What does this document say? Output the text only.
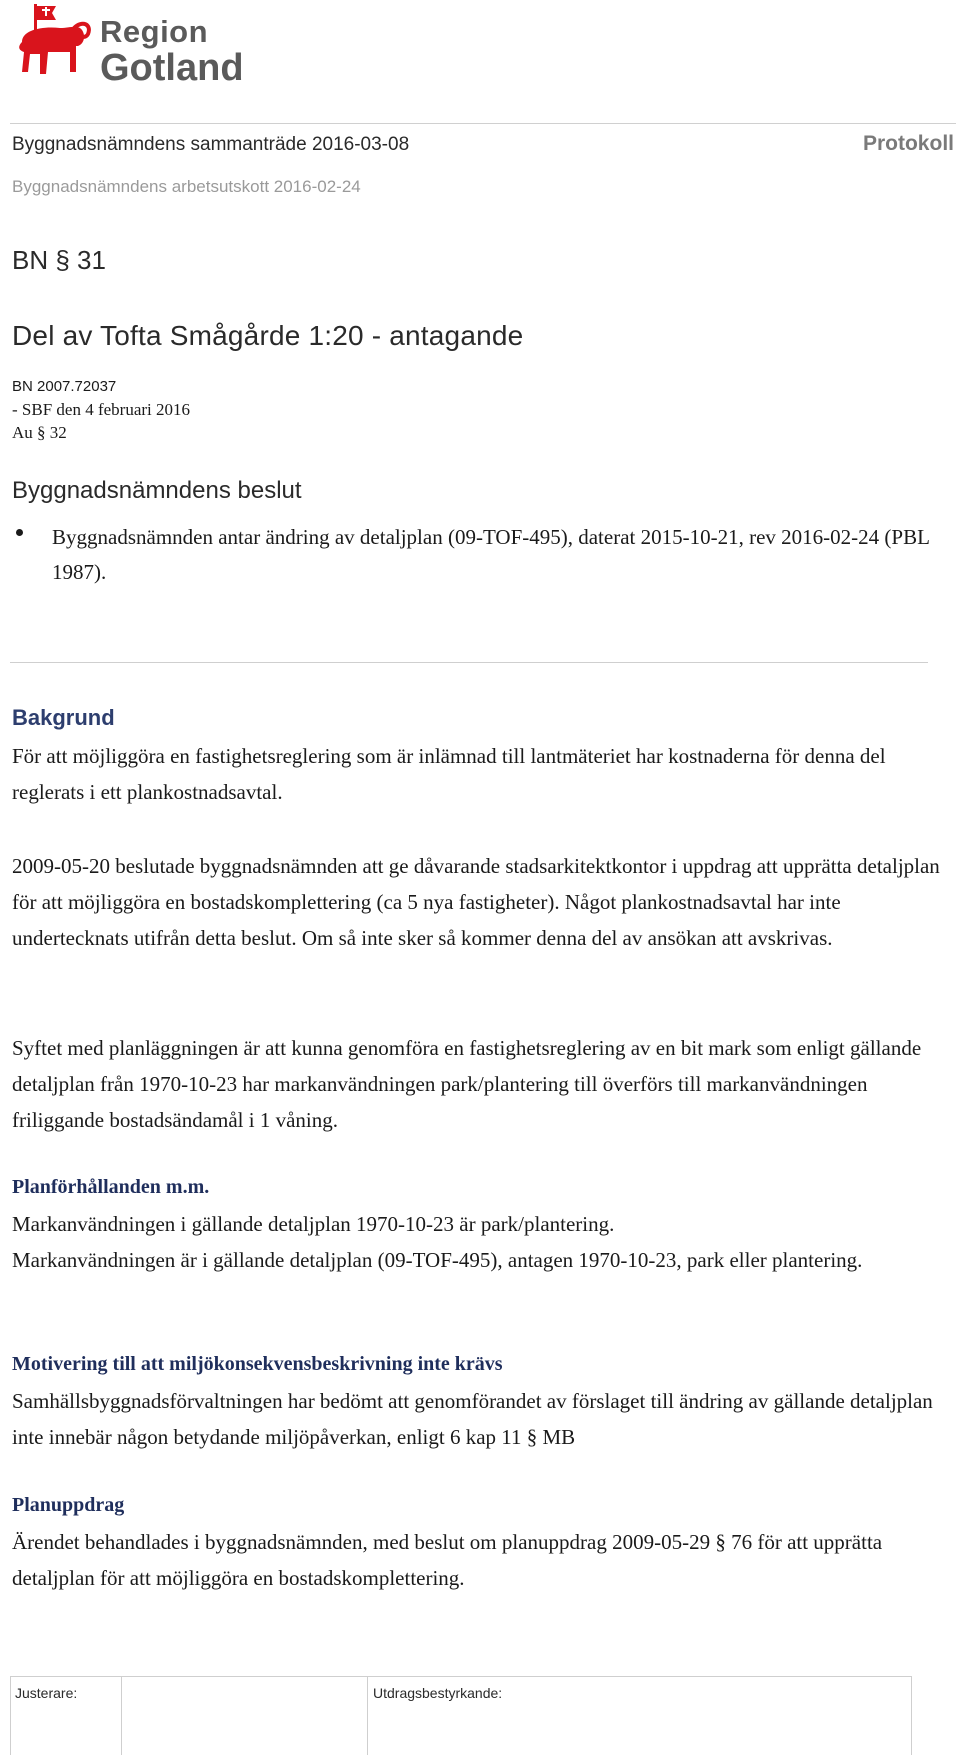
Region
Gotland
Byggnadsnämndens sammanträde 2016-03-08	Protokoll
Byggnadsnämndens arbetsutskott 2016-02-24
BN § 31
Del av Tofta Smågårde 1:20 - antagande
BN 2007.72037
- SBF den 4 februari 2016
Au § 32
Byggnadsnämndens beslut
Byggnadsnämnden antar ändring av detaljplan (09-TOF-495), daterat 2015-10-21, rev 2016-02-24 (PBL 1987).
Bakgrund
För att möjliggöra en fastighetsreglering som är inlämnad till lantmäteriet har kostnaderna för denna del reglerats i ett plankostnadsavtal.
2009-05-20 beslutade byggnadsnämnden att ge dåvarande stadsarkitektkontor i uppdrag att upprätta detaljplan för att möjliggöra en bostadskomplettering (ca 5 nya fastigheter). Något plankostnadsavtal har inte undertecknats utifrån detta beslut. Om så inte sker så kommer denna del av ansökan att avskrivas.
Syftet med planläggningen är att kunna genomföra en fastighetsreglering av en bit mark som enligt gällande detaljplan från 1970-10-23 har markanvändningen park/plantering till överförs till markanvändningen friliggande bostadsändamål i 1 våning.
Planförhållanden m.m.
Markanvändningen i gällande detaljplan 1970-10-23 är park/plantering.
Markanvändningen är i gällande detaljplan (09-TOF-495), antagen 1970-10-23, park eller plantering.
Motivering till att miljökonsekvensbeskrivning inte krävs
Samhällsbyggnadsförvaltningen har bedömt att genomförandet av förslaget till ändring av gällande detaljplan inte innebär någon betydande miljöpåverkan, enligt 6 kap 11 § MB
Planuppdrag
Ärendet behandlades i byggnadsnämnden, med beslut om planuppdrag 2009-05-29 § 76 för att upprätta detaljplan för att möjliggöra en bostadskomplettering.
Justerare:	Utdragsbestyrkande:
